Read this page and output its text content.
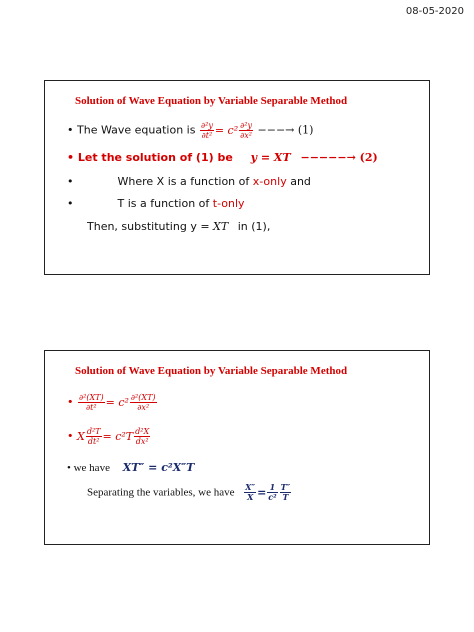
08-05-2020
Solution of Wave Equation by Variable Separable Method
• The Wave equation is $\frac{\text{∂²y}}{\text{∂t²}} = c^2 \frac{\text{∂²y}}{\text{∂x²}}$ −−−→ (1)
• Let the solution of (1) be y = XT −−−−−→ (2)
•	Where X is a function of x-only and
•	T is a function of t-only
Then, substituting y = XT in (1),
Solution of Wave Equation by Variable Separable Method
• $\frac{\text{∂²(XT)}}{\text{∂t²}} = c^2 \frac{\text{∂²(XT)}}{\text{∂x²}}$
• X $\frac{\text{d²T}}{\text{dt²}} = c^2T \frac{\text{d²X}}{\text{dx²}}$
• we have XT″ = c²X″T
Separating the variables, we have $\frac{X''}{X} = \frac{1}{\text{c²}} \frac{T''}{T}$
